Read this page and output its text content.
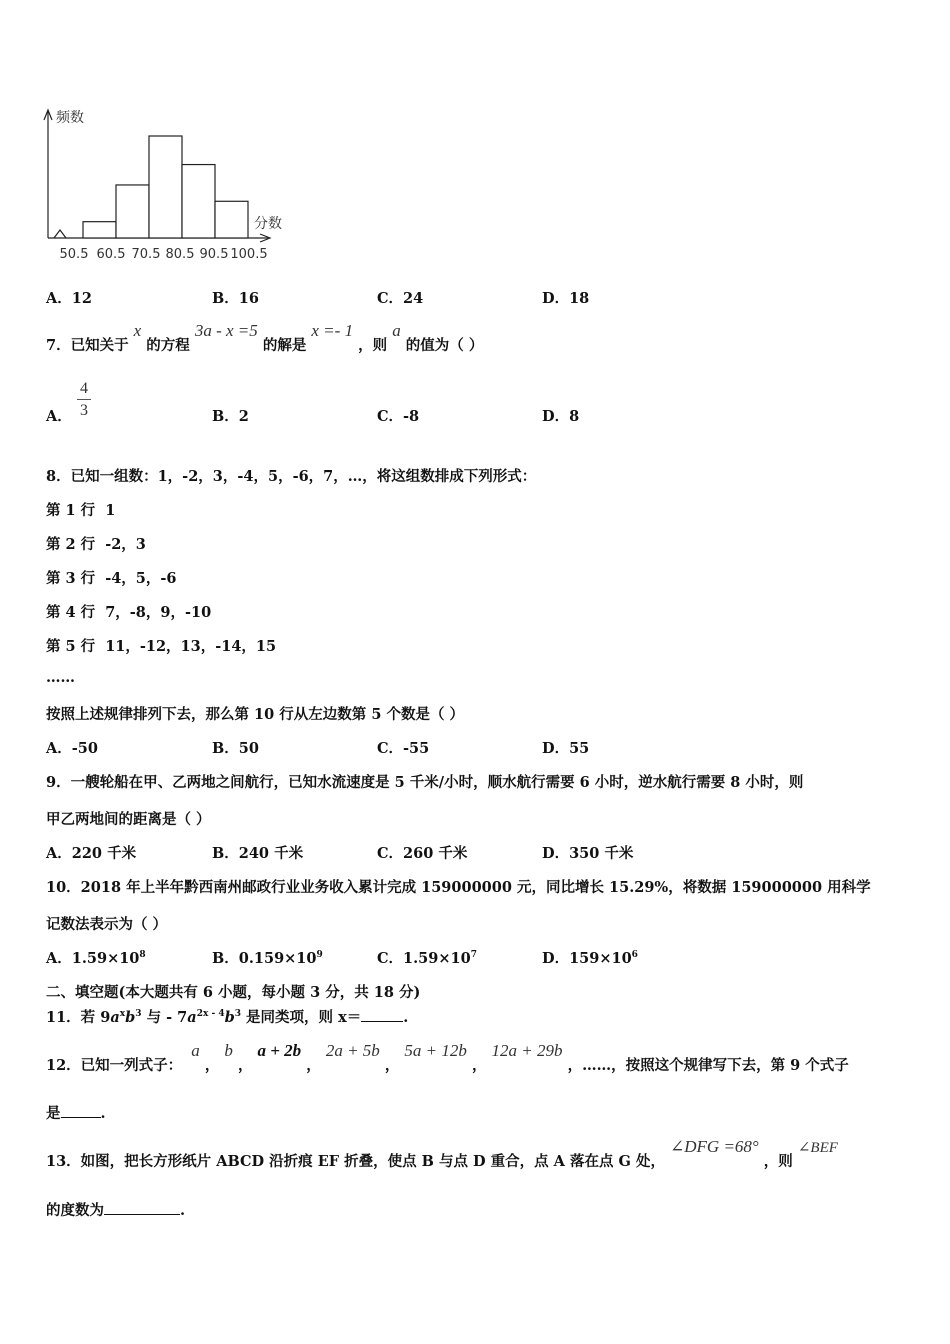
频数
分数
50.5 60.5 70.5 80.5 90.5 100.5
A．12	B．16	C．24	D．18
7．已知关于 x 的方程 3a - x =5 的解是 x =- 1 ，则 a 的值为（ ）
A．
4
3	B．2	C．-8	D．8
8．已知一组数：1，-2，3，-4，5，-6，7，…，将这组数排成下列形式：
第 1 行 1
第 2 行 -2，3
第 3 行 -4，5，-6
第 4 行 7，-8，9，-10
第 5 行 11，-12，13，-14，15
……
按照上述规律排列下去，那么第 10 行从左边数第 5 个数是（ ）
A．-50	B．50	C．-55	D．55
9．一艘轮船在甲、乙两地之间航行，已知水流速度是 5 千米/小时，顺水航行需要 6 小时，逆水航行需要 8 小时，则
甲乙两地间的距离是（ ）
A．220 千米	B．240 千米	C．260 千米	D．350 千米
10．2018 年上半年黔西南州邮政行业业务收入累计完成 159000000 元，同比增长 15.29%，将数据 159000000 用科学
记数法表示为（ ）
A．$1.59\times 10^8$	B．$0.159\times 10^9$	C．$1.59\times 10^7$	D．$159\times 10^6$
二、填空题(本大题共有 6 小题，每小题 3 分，共 18 分)
11．若 $9a^xb^3$ 与 - $7a^{2x - 4}b^3$ 是同类项，则 x＝	.
12．已知一列式子： a ， b ， a + 2b ， 2a + 5b ， 5a + 12b ， 12a + 29b ，……，按照这个规律写下去，第 9 个式子
是	.
13．如图，把长方形纸片 ABCD 沿折痕 EF 折叠，使点 B 与点 D 重合，点 A 落在点 G 处， ∠DFG =68° ，则 ∠BEF
的度数为	.
